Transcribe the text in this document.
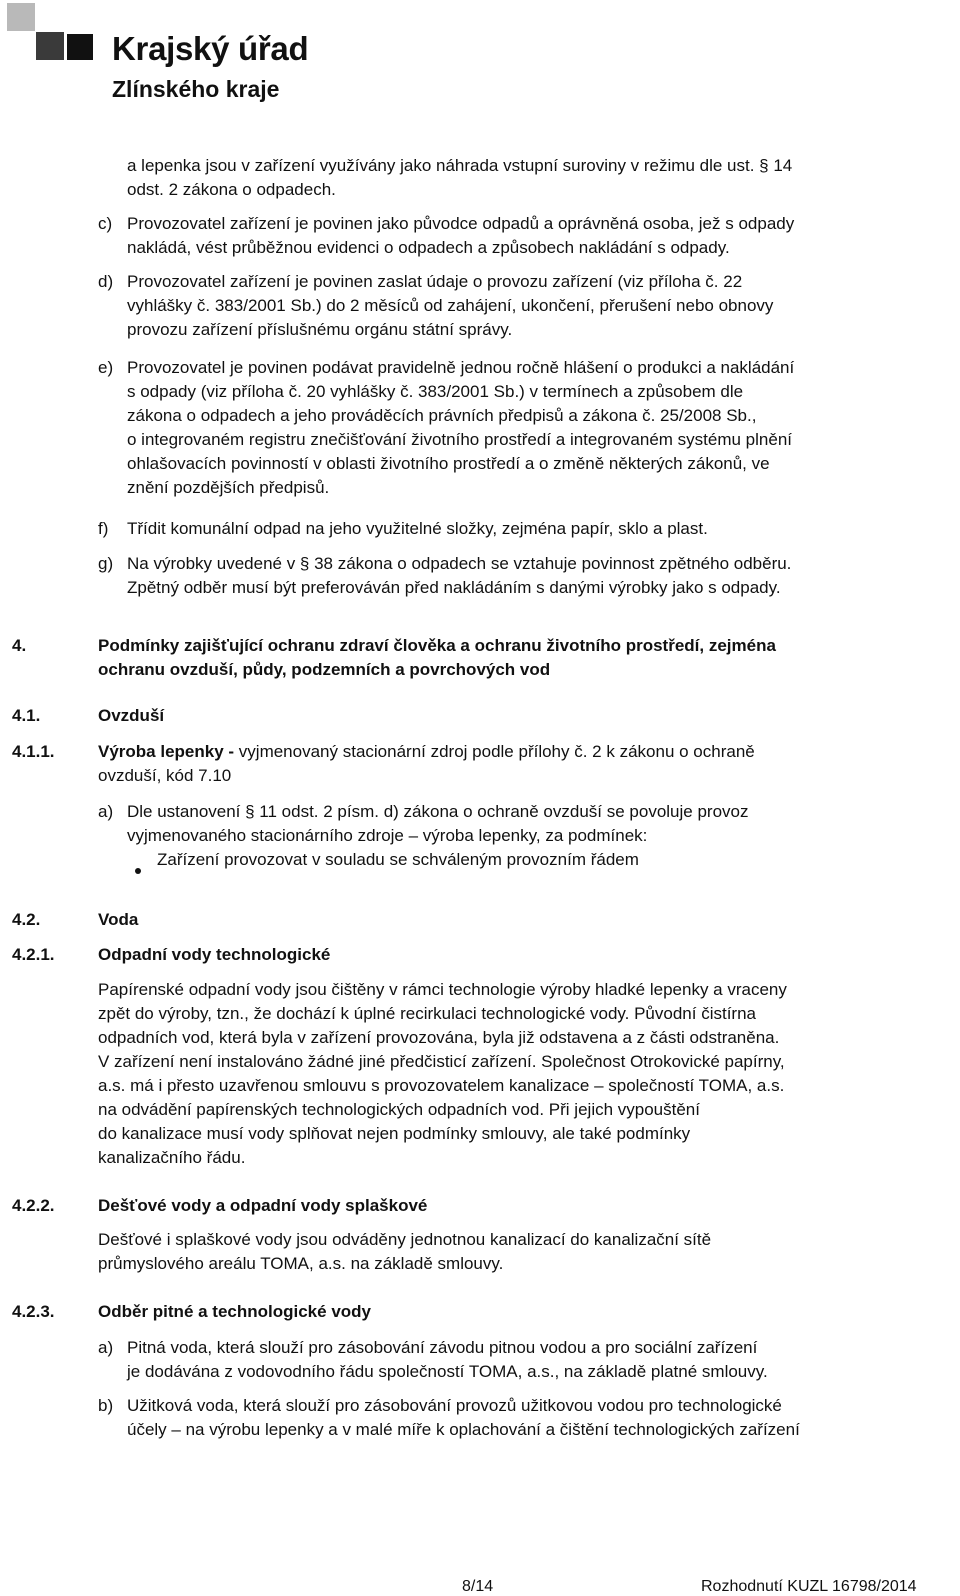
Krajský úřad
Zlínského kraje
a lepenka jsou v zařízení využívány jako náhrada vstupní suroviny v režimu dle ust. § 14
odst. 2 zákona o odpadech.
c) Provozovatel zařízení je povinen jako původce odpadů a oprávněná osoba, jež s odpady
nakládá, vést průběžnou evidenci o odpadech a způsobech nakládání s odpady.
d) Provozovatel zařízení je povinen zaslat údaje o provozu zařízení (viz příloha č. 22
vyhlášky č. 383/2001 Sb.) do 2 měsíců od zahájení, ukončení, přerušení nebo obnovy
provozu zařízení příslušnému orgánu státní správy.
e) Provozovatel je povinen podávat pravidelně jednou ročně hlášení o produkci a nakládání
s odpady (viz příloha č. 20 vyhlášky č. 383/2001 Sb.) v termínech a způsobem dle
zákona o odpadech a jeho prováděcích právních předpisů a zákona č. 25/2008 Sb.,
o integrovaném registru znečišťování životního prostředí a integrovaném systému plnění
ohlašovacích povinností v oblasti životního prostředí a o změně některých zákonů, ve
znění pozdějších předpisů.
f) Třídit komunální odpad na jeho využitelné složky, zejména papír, sklo a plast.
g) Na výrobky uvedené v § 38 zákona o odpadech se vztahuje povinnost zpětného odběru.
Zpětný odběr musí být preferováván před nakládáním s danými výrobky jako s odpady.
4.	Podmínky zajišťující ochranu zdraví člověka a ochranu životního prostředí, zejména
ochranu ovzduší, půdy, podzemních a povrchových vod
4.1.	Ovzduší
4.1.1.	Výroba lepenky - vyjmenovaný stacionární zdroj podle přílohy č. 2 k zákonu o ochraně
ovzduší, kód 7.10
a) Dle ustanovení § 11 odst. 2 písm. d) zákona o ochraně ovzduší se povoluje provoz
vyjmenovaného stacionárního zdroje – výroba lepenky, za podmínek:
Zařízení provozovat v souladu se schváleným provozním řádem
4.2.	Voda
4.2.1.	Odpadní vody technologické
Papírenské odpadní vody jsou čištěny v rámci technologie výroby hladké lepenky a vraceny
zpět do výroby, tzn., že dochází k úplné recirkulaci technologické vody. Původní čistírna
odpadních vod, která byla v zařízení provozována, byla již odstavena a z části odstraněna.
V zařízení není instalováno žádné jiné předčisticí zařízení. Společnost Otrokovické papírny,
a.s. má i přesto uzavřenou smlouvu s provozovatelem kanalizace – společností TOMA, a.s.
na odvádění papírenských technologických odpadních vod. Při jejich vypouštění
do kanalizace musí vody splňovat nejen podmínky smlouvy, ale také podmínky
kanalizačního řádu.
4.2.2.	Dešťové vody a odpadní vody splaškové
Dešťové i splaškové vody jsou odváděny jednotnou kanalizací do kanalizační sítě
průmyslového areálu TOMA, a.s. na základě smlouvy.
4.2.3.	Odběr pitné a technologické vody
a) Pitná voda, která slouží pro zásobování závodu pitnou vodou a pro sociální zařízení
je dodávána z vodovodního řádu společností TOMA, a.s., na základě platné smlouvy.
b) Užitková voda, která slouží pro zásobování provozů užitkovou vodou pro technologické
účely – na výrobu lepenky a v malé míře k oplachování a čištění technologických zařízení
8/14	Rozhodnutí KUZL 16798/2014
